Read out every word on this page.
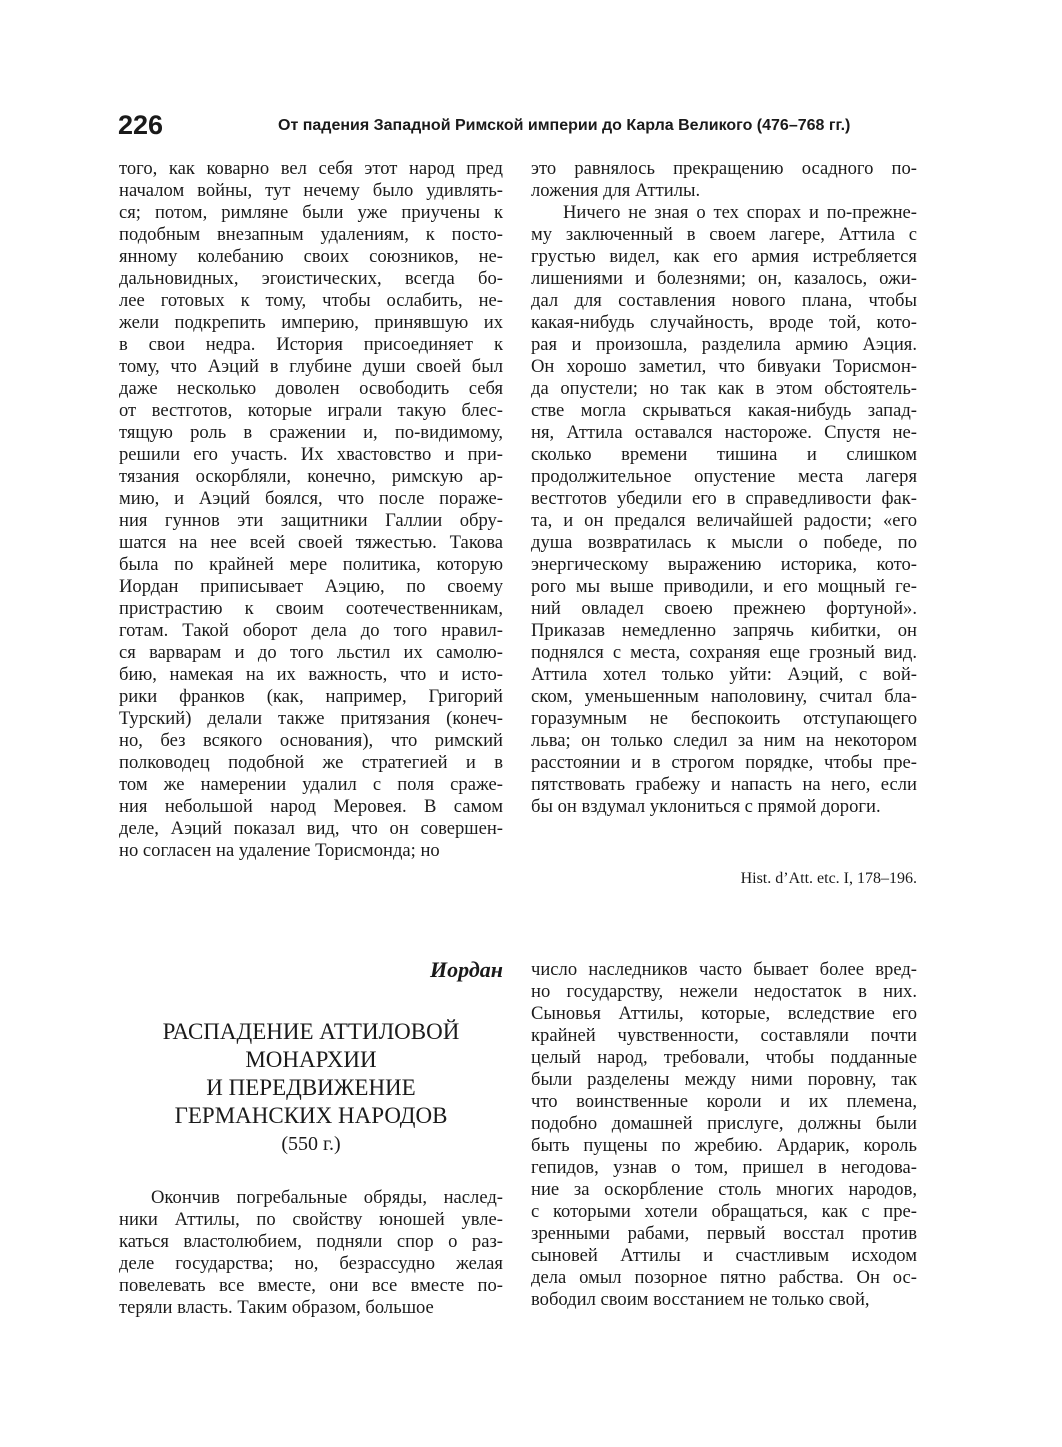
226	От падения Западной Римской империи до Карла Великого (476–768 гг.)
того, как коварно вел себя этот народ пред
началом войны, тут нечему было удивлять-
ся; потом, римляне были уже приучены к
подобным внезапным удалениям, к посто-
янному колебанию своих союзников, не-
дальновидных, эгоистических, всегда бо-
лее готовых к тому, чтобы ослабить, не-
жели подкрепить империю, принявшую их
в свои недра. История присоединяет к
тому, что Аэций в глубине души своей был
даже несколько доволен освободить себя
от вестготов, которые играли такую блес-
тящую роль в сражении и, по-видимому,
решили его участь. Их хвастовство и при-
тязания оскорбляли, конечно, римскую ар-
мию, и Аэций боялся, что после пораже-
ния гуннов эти защитники Галлии обру-
шатся на нее всей своей тяжестью. Такова
была по крайней мере политика, которую
Иордан приписывает Аэцию, по своему
пристрастию к своим соотечественникам,
готам. Такой оборот дела до того нравил-
ся варварам и до того льстил их самолю-
бию, намекая на их важность, что и исто-
рики франков (как, например, Григорий
Турский) делали также притязания (конеч-
но, без всякого основания), что римский
полководец подобной же стратегией и в
том же намерении удалил с поля сраже-
ния небольшой народ Меровея. В самом
деле, Аэций показал вид, что он совершен-
но согласен на удаление Торисмонда; но
это равнялось прекращению осадного по-
ложения для Аттилы.
Ничего не зная о тех спорах и по-прежне-
му заключенный в своем лагере, Аттила с
грустью видел, как его армия истребляется
лишениями и болезнями; он, казалось, ожи-
дал для составления нового плана, чтобы
какая-нибудь случайность, вроде той, кото-
рая и произошла, разделила армию Аэция.
Он хорошо заметил, что бивуаки Торисмон-
да опустели; но так как в этом обстоятель-
стве могла скрываться какая-нибудь запад-
ня, Аттила оставался настороже. Спустя не-
сколько времени тишина и слишком
продолжительное опустение места лагеря
вестготов убедили его в справедливости фак-
та, и он предался величайшей радости; «его
душа возвратилась к мысли о победе, по
энергическому выражению историка, кото-
рого мы выше приводили, и его мощный ге-
ний овладел своею прежнею фортуной».
Приказав немедленно запрячь кибитки, он
поднялся с места, сохраняя еще грозный вид.
Аттила хотел только уйти: Аэций, с вой-
ском, уменьшенным наполовину, считал бла-
горазумным не беспокоить отступающего
льва; он только следил за ним на некотором
расстоянии и в строгом порядке, чтобы пре-
пятствовать грабежу и напасть на него, если
бы он вздумал уклониться с прямой дороги.
Hist. d’Att. etc. I, 178–196.
Иордан
РАСПАДЕНИЕ АТТИЛОВОЙ
МОНАРХИИ
И ПЕРЕДВИЖЕНИЕ
ГЕРМАНСКИХ НАРОДОВ
(550 г.)
Окончив погребальные обряды, наслед-
ники Аттилы, по свойству юношей увле-
каться властолюбием, подняли спор о раз-
деле государства; но, безрассудно желая
повелевать все вместе, они все вместе по-
теряли власть. Таким образом, большое
число наследников часто бывает более вред-
но государству, нежели недостаток в них.
Сыновья Аттилы, которые, вследствие его
крайней чувственности, составляли почти
целый народ, требовали, чтобы подданные
были разделены между ними поровну, так
что воинственные короли и их племена,
подобно домашней прислуге, должны были
быть пущены по жребию. Ардарик, король
гепидов, узнав о том, пришел в негодова-
ние за оскорбление столь многих народов,
с которыми хотели обращаться, как с пре-
зренными рабами, первый восстал против
сыновей Аттилы и счастливым исходом
дела омыл позорное пятно рабства. Он ос-
вободил своим восстанием не только свой,
